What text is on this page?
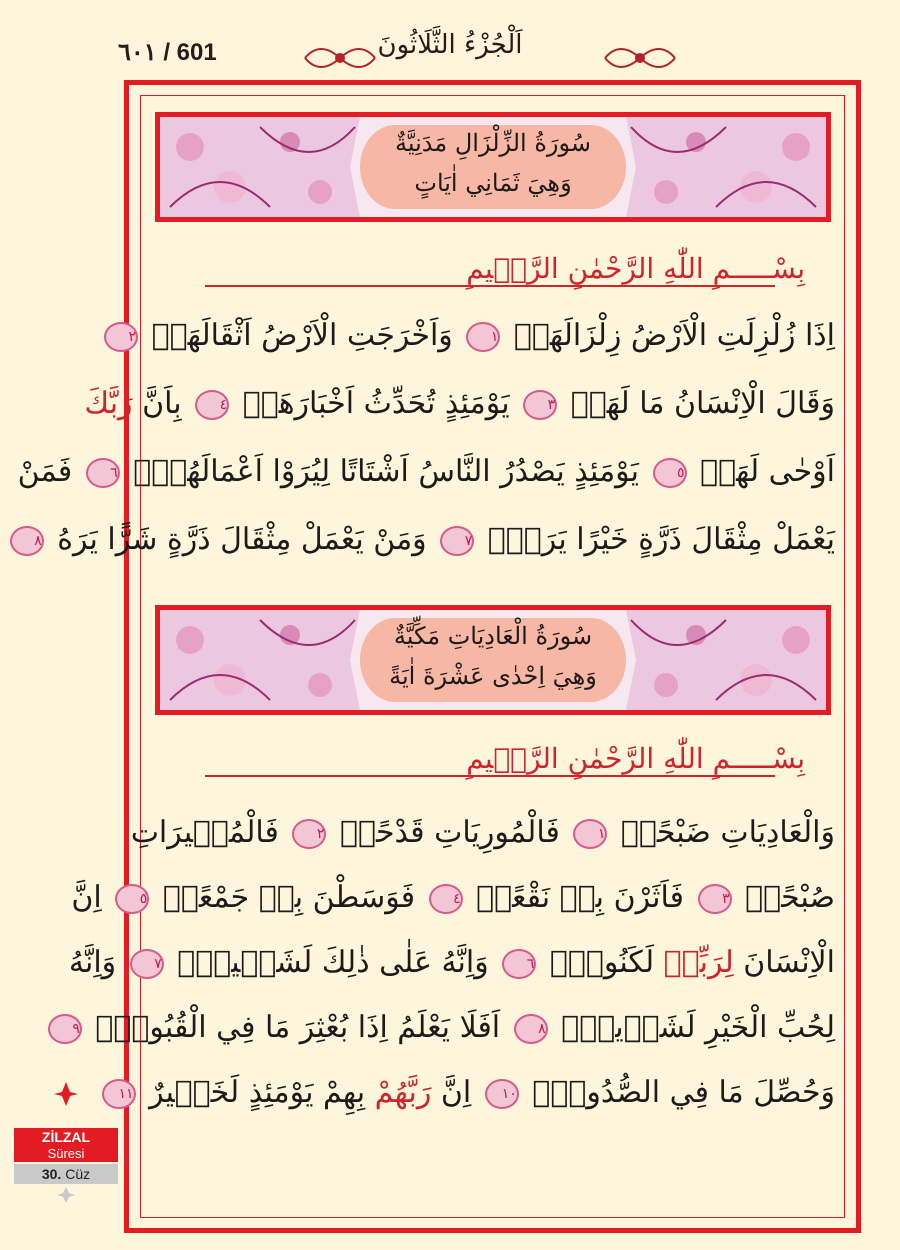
٦٠١ / 601	اَلْجُزْءُ الثَّلَاثُونَ
سُورَةُ الزِّلْزَالِ مَدَنِيَّةٌ
وَهِيَ ثَمَانِي اٰيَاتٍ
بِسْـــــمِ اللّٰهِ الرَّحْمٰنِ الرَّح۪يمِ
اِذَا زُلْزِلَتِ الْاَرْضُ زِلْزَالَهَاۙ ١ وَاَخْرَجَتِ الْاَرْضُ اَثْقَالَهَاۙ ٢
وَقَالَ الْاِنْسَانُ مَا لَهَاۚ ٣ يَوْمَئِذٍ تُحَدِّثُ اَخْبَارَهَاۙ ٤ بِاَنَّ رَبَّكَ
اَوْحٰى لَهَاۜ ٥ يَوْمَئِذٍ يَصْدُرُ النَّاسُ اَشْتَاتًا لِيُرَوْا اَعْمَالَهُمْۜ ٦ فَمَنْ
يَعْمَلْ مِثْقَالَ ذَرَّةٍ خَيْرًا يَرَهُۜ ٧ وَمَنْ يَعْمَلْ مِثْقَالَ ذَرَّةٍ شَرًّا يَرَهُ ٨
سُورَةُ الْعَادِيَاتِ مَكِّيَّةٌ
وَهِيَ اِحْدٰى عَشْرَةَ اٰيَةً
بِسْـــــمِ اللّٰهِ الرَّحْمٰنِ الرَّح۪يمِ
وَالْعَادِيَاتِ ضَبْحًاۙ ١ فَالْمُورِيَاتِ قَدْحًاۙ ٢ فَالْمُغ۪يرَاتِ
صُبْحًاۙ ٣ فَاَثَرْنَ بِه۪ نَقْعًاۙ ٤ فَوَسَطْنَ بِه۪ جَمْعًاۙ ٥ اِنَّ
الْاِنْسَانَ لِرَبِّه۪ لَكَنُودٌۚ ٦ وَاِنَّهُ عَلٰى ذٰلِكَ لَشَه۪يدٌۚ ٧ وَاِنَّهُ
لِحُبِّ الْخَيْرِ لَشَد۪يدٌۜ ٨ اَفَلَا يَعْلَمُ اِذَا بُعْثِرَ مَا فِي الْقُبُورِۙ ٩
وَحُصِّلَ مَا فِي الصُّدُورِۙ ١٠ اِنَّ رَبَّهُمْ بِهِمْ يَوْمَئِذٍ لَخَب۪يرٌ ١١
ZİLZAL
Süresi
30. Cüz
